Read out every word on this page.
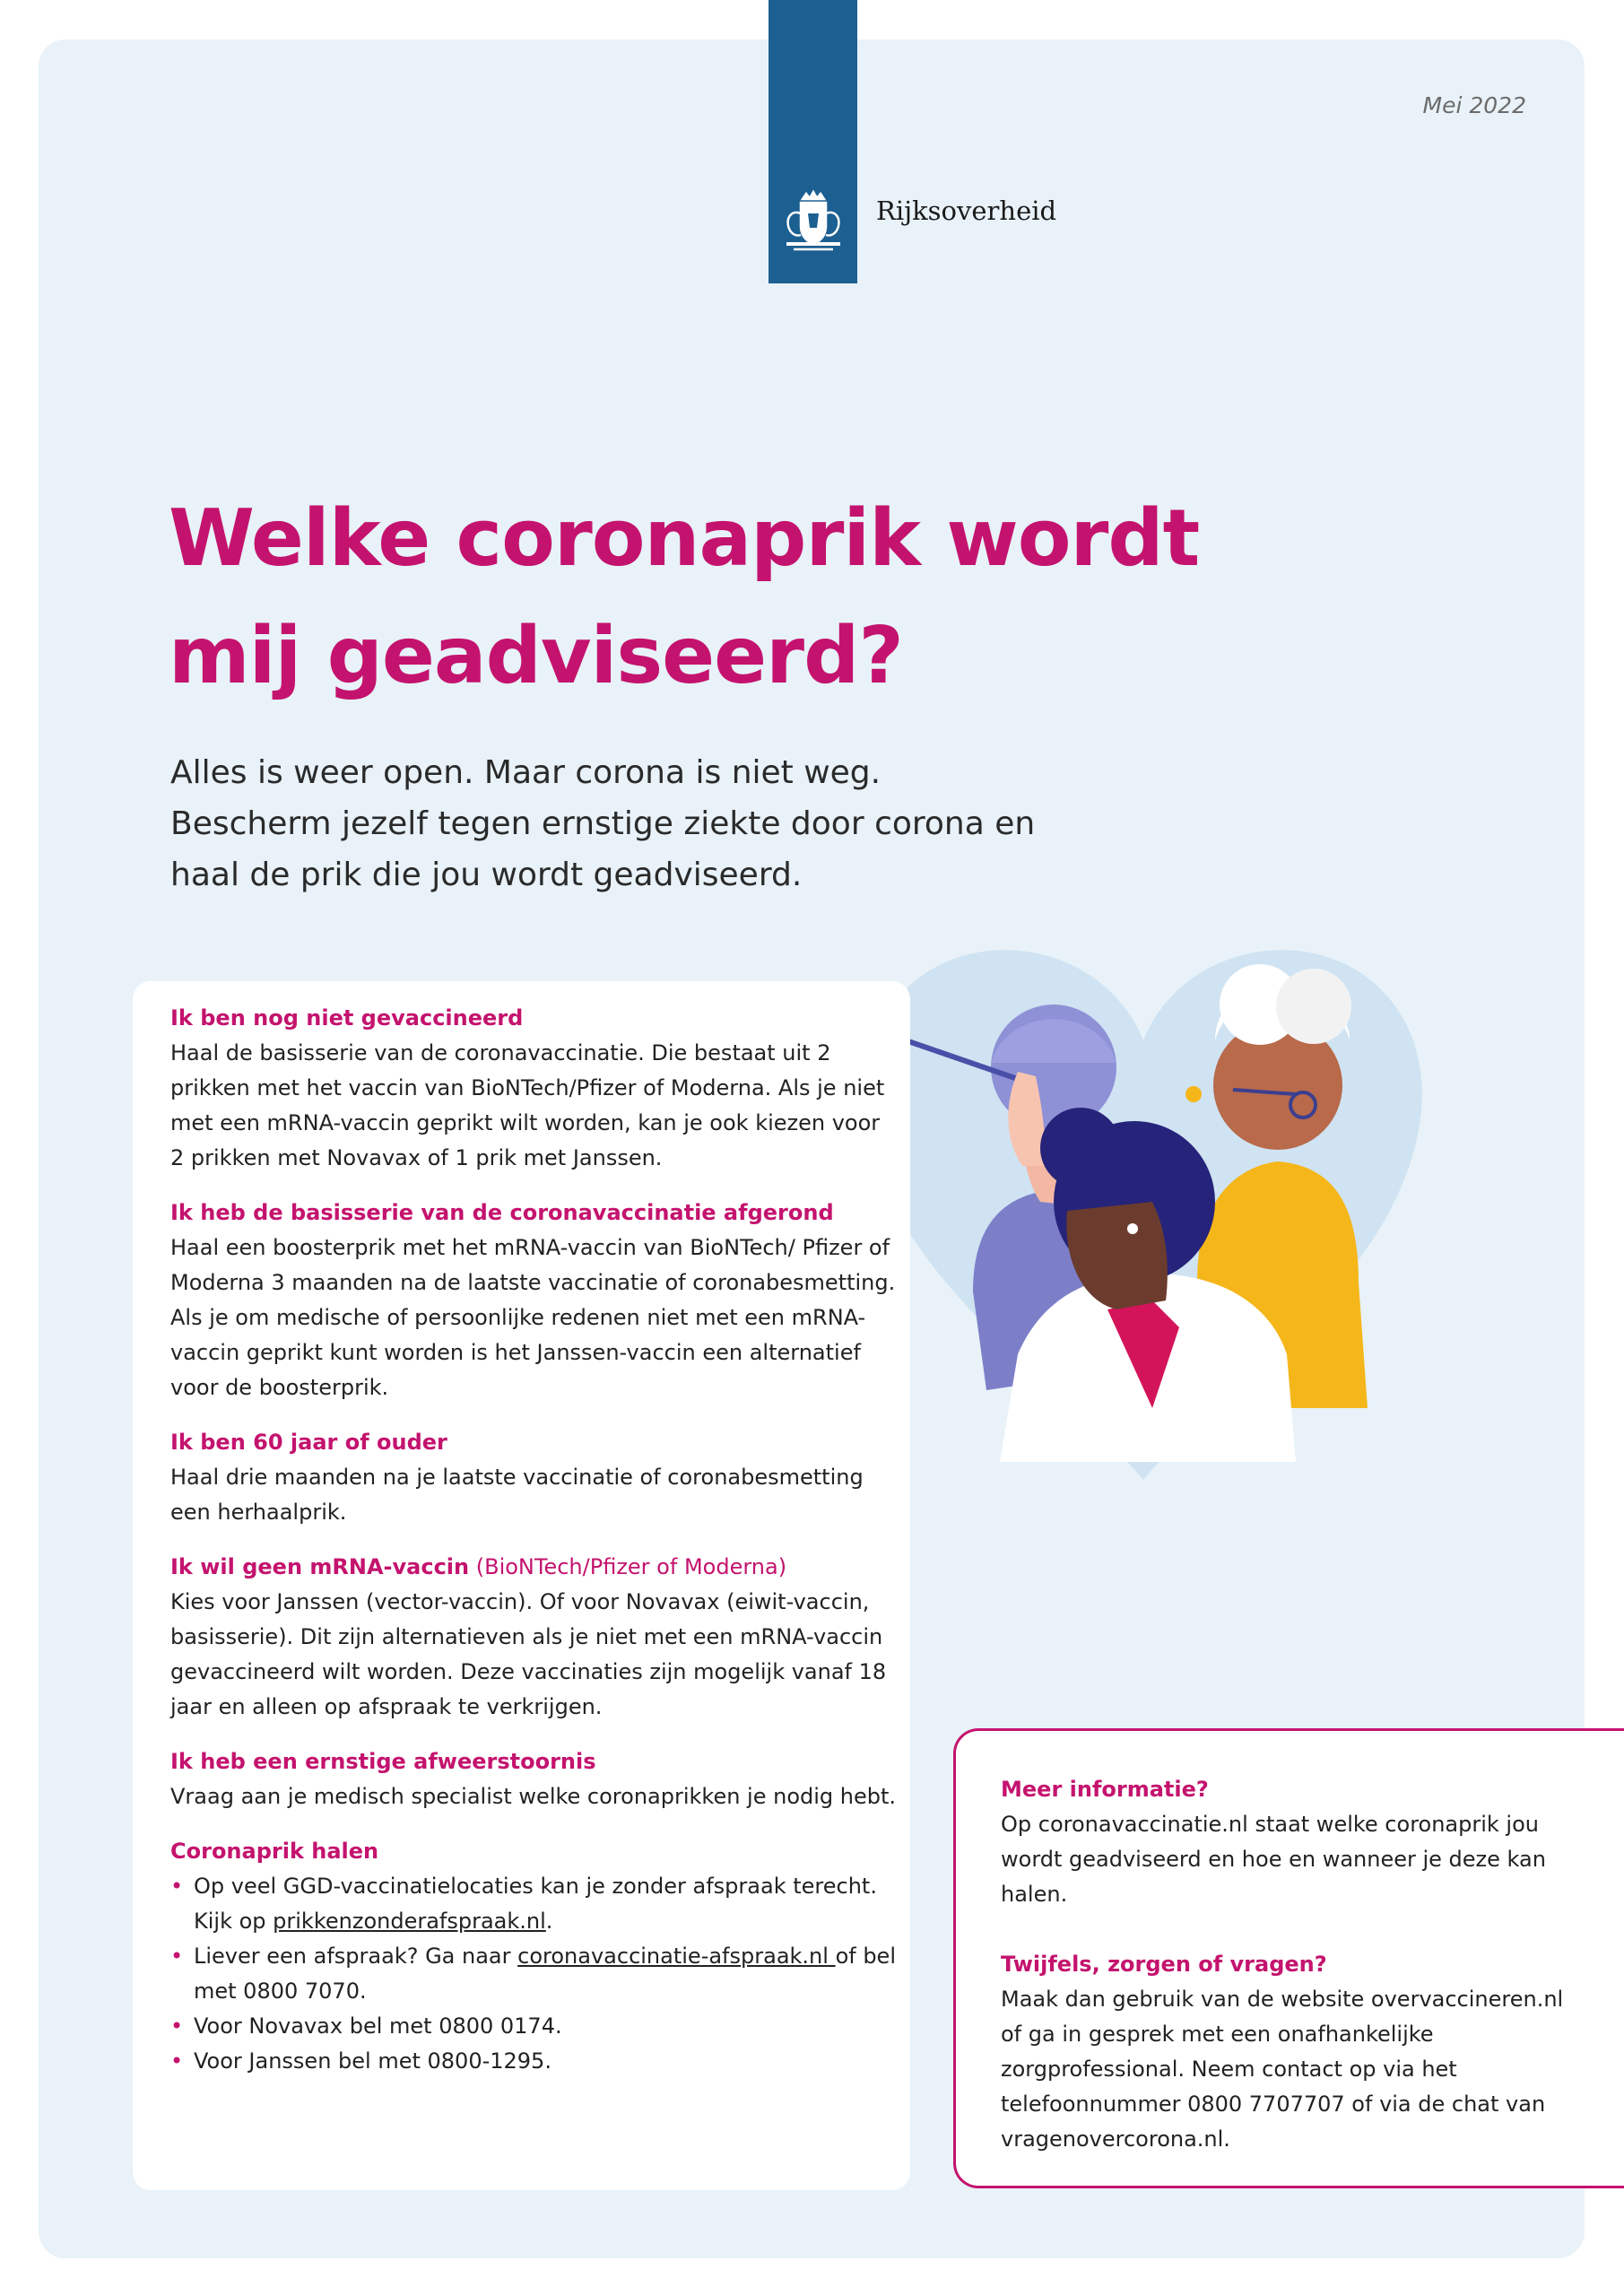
Rijksoverheid
Mei 2022
Welke coronaprik wordt mij geadviseerd?
Alles is weer open. Maar corona is niet weg. Bescherm jezelf tegen ernstige ziekte door corona en haal de prik die jou wordt geadviseerd.
Ik ben nog niet gevaccineerd
Haal de basisserie van de coronavaccinatie. Die bestaat uit 2 prikken met het vaccin van BioNTech/Pfizer of Moderna. Als je niet met een mRNA-vaccin geprikt wilt worden, kan je ook kiezen voor 2 prikken met Novavax of 1 prik met Janssen.
Ik heb de basisserie van de coronavaccinatie afgerond
Haal een boosterprik met het mRNA-vaccin van BioNTech/ Pfizer of Moderna 3 maanden na de laatste vaccinatie of coronabesmetting. Als je om medische of persoonlijke redenen niet met een mRNA-vaccin geprikt kunt worden is het Janssen-vaccin een alternatief voor de boosterprik.
Ik ben 60 jaar of ouder
Haal drie maanden na je laatste vaccinatie of coronabesmetting een herhaalprik.
Ik wil geen mRNA-vaccin (BioNTech/Pfizer of Moderna)
Kies voor Janssen (vector-vaccin). Of voor Novavax (eiwit-vaccin, basisserie). Dit zijn alternatieven als je niet met een mRNA-vaccin gevaccineerd wilt worden. Deze vaccinaties zijn mogelijk vanaf 18 jaar en alleen op afspraak te verkrijgen.
Ik heb een ernstige afweerstoornis
Vraag aan je medisch specialist welke coronaprikken je nodig hebt.
Coronaprik halen
• Op veel GGD-vaccinatielocaties kan je zonder afspraak terecht. Kijk op prikkenzonderafspraak.nl.
• Liever een afspraak? Ga naar coronavaccinatie-afspraak.nl of bel met 0800 7070.
• Voor Novavax bel met 0800 0174.
• Voor Janssen bel met 0800-1295.
Meer informatie?
Op coronavaccinatie.nl staat welke coronaprik jou wordt geadviseerd en hoe en wanneer je deze kan halen.
Twijfels, zorgen of vragen?
Maak dan gebruik van de website overvaccineren.nl of ga in gesprek met een onafhankelijke zorgprofessional. Neem contact op via het telefoonnummer 0800 7707707 of via de chat van vragenovercorona.nl.
